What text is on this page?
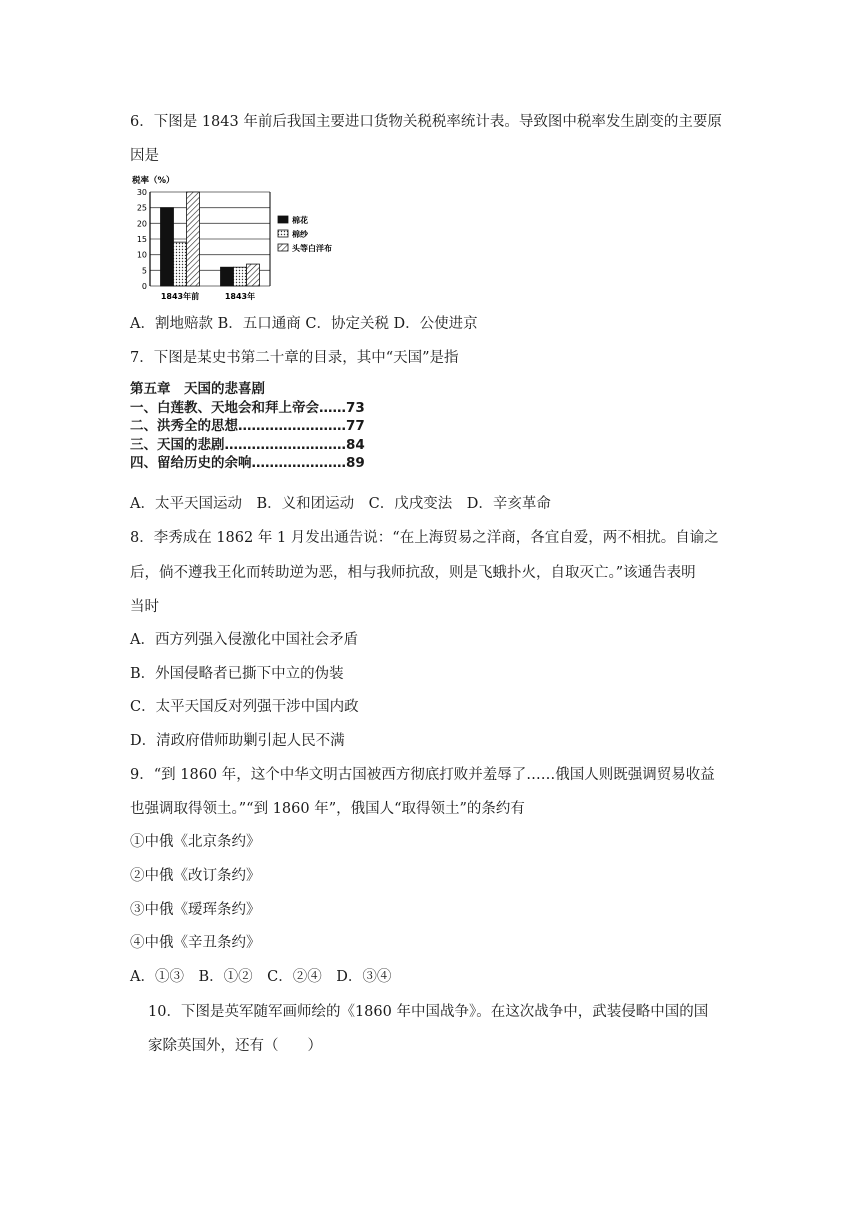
6．下图是 1843 年前后我国主要进口货物关税税率统计表。导致图中税率发生剧变的主要原
因是
税率（%）
0
5
10
15
20
25
30
1843年前	1843年
棉花
棉纱
头等白洋布
A．割地赔款 B．五口通商 C．协定关税 D．公使进京
7．下图是某史书第二十章的目录，其中“天国”是指
第五章　天国的悲喜剧
一、白莲教、天地会和拜上帝会……73
二、洪秀全的思想……………………77
三、天国的悲剧………………………84
四、留给历史的余响…………………89
A．太平天国运动　B．义和团运动　C．戊戌变法　D．辛亥革命
8．李秀成在 1862 年 1 月发出通告说：“在上海贸易之洋商，各宜自爱，两不相扰。自谕之
后，倘不遵我王化而转助逆为恶，相与我师抗敌，则是飞蛾扑火，自取灭亡。”该通告表明
当时
A．西方列强入侵激化中国社会矛盾
B．外国侵略者已撕下中立的伪装
C．太平天国反对列强干涉中国内政
D．清政府借师助剿引起人民不满
9．“到 1860 年，这个中华文明古国被西方彻底打败并羞辱了……俄国人则既强调贸易收益
也强调取得领土。”“到 1860 年”，俄国人“取得领土”的条约有
①中俄《北京条约》
②中俄《改订条约》
③中俄《瑷珲条约》
④中俄《辛丑条约》
A．①③　B．①②　C．②④　D．③④
10．下图是英军随军画师绘的《1860 年中国战争》。在这次战争中，武装侵略中国的国
家除英国外，还有（　　）
